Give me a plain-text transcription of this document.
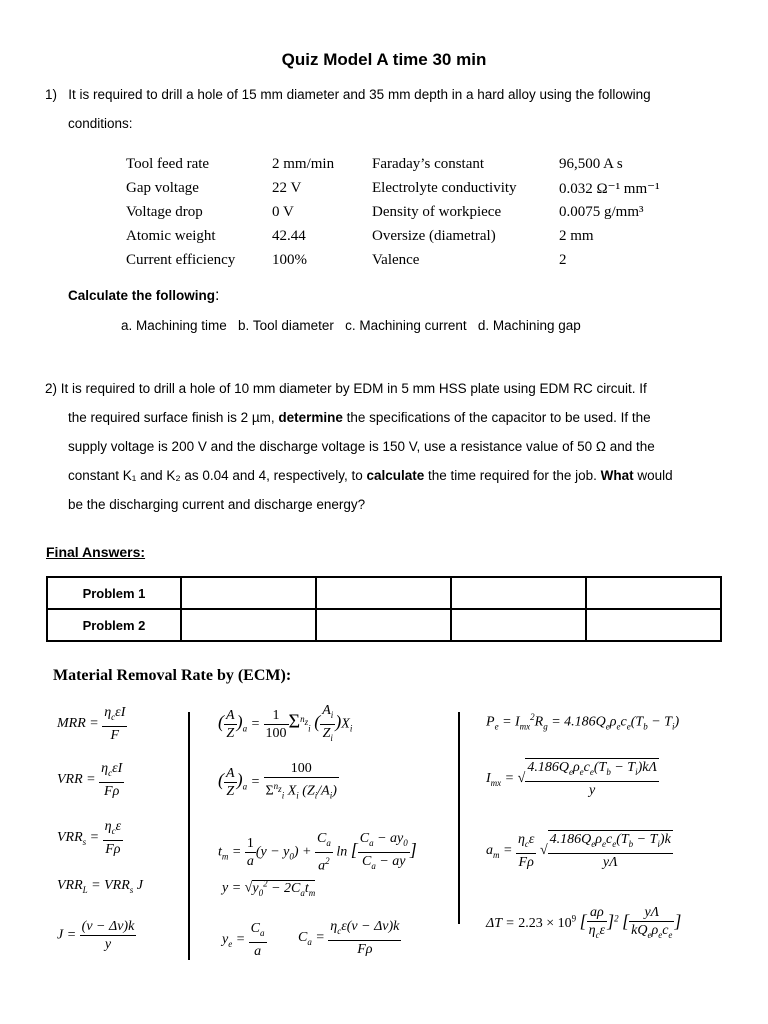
Quiz Model A time 30 min
1) It is required to drill a hole of 15 mm diameter and 35 mm depth in a hard alloy using the following
conditions:
Tool feed rate	2 mm/min	Faraday’s constant	96,500 A s
Gap voltage	22 V	Electrolyte conductivity	0.032 Ω⁻¹ mm⁻¹
Voltage drop	0 V	Density of workpiece	0.0075 g/mm³
Atomic weight	42.44	Oversize (diametral)	2 mm
Current efficiency	100%	Valence	2
Calculate the following:
a. Machining time   b. Tool diameter   c. Machining current   d. Machining gap
2) It is required to drill a hole of 10 mm diameter by EDM in 5 mm HSS plate using EDM RC circuit. If
the required surface finish is 2 µm, determine the specifications of the capacitor to be used. If the
supply voltage is 200 V and the discharge voltage is 150 V, use a resistance value of 50 Ω and the
constant K₁ and K₂ as 0.04 and 4, respectively, to calculate the time required for the job. What would
be the discharging current and discharge energy?
Final Answers:
Problem 1				
Problem 2				
Material Removal Rate by (ECM):
MRR = $\frac{\eta_c\varepsilon I}{F}$
VRR = $\frac{\eta_c\varepsilon I}{F\rho}$
$VRR_s = \frac{\eta_c\varepsilon}{F\rho}$
$VRR_L = VRR_s$ J
$J = \frac{(v - \Delta v)k}{y}$
( $\frac{A}{Z} )_a = \frac{1}{100} \Sigma^{n_z}_i$ ( $\frac{A_i}{Z_i} )X_i$
( $\frac{A}{Z} )_a = \frac{100}{\Sigma^{n_z}_i X_i (Z_i/A_i)}$
$t_m = \frac{1}{a} (y - y_0) + \frac{C_a}{a^2}$ ln [ $\frac{C_a - ay_0}{C_a - ay}$ ]
$y = √y_0^2 - 2C_at_m$
$y_e = \frac{C_a}{a} C_a = \frac{\eta_c\varepsilon(v - \Delta v)k}{F\rho}$
$P_e = I_{mx}^2R_g = 4.186Q_e\rho_ec_e(T_b - T_i)$
$I_{mx}$ = √ $\frac{4.186Q_e\rho_ec_e(T_b - T_i)k\Lambda}{y}$
$a_m = \frac{\eta_c\varepsilon}{F\rho}$ √ $\frac{4.186Q_e\rho_ec_e(T_b - T_i)k}{y\Lambda}$
$\Delta T = 2.23 \times 10^9$ [ $\frac{a\rho}{\eta_c\varepsilon} ]^2$ [ $\frac{y\Lambda}{kQ_e\rho_ec_e}$ ]
